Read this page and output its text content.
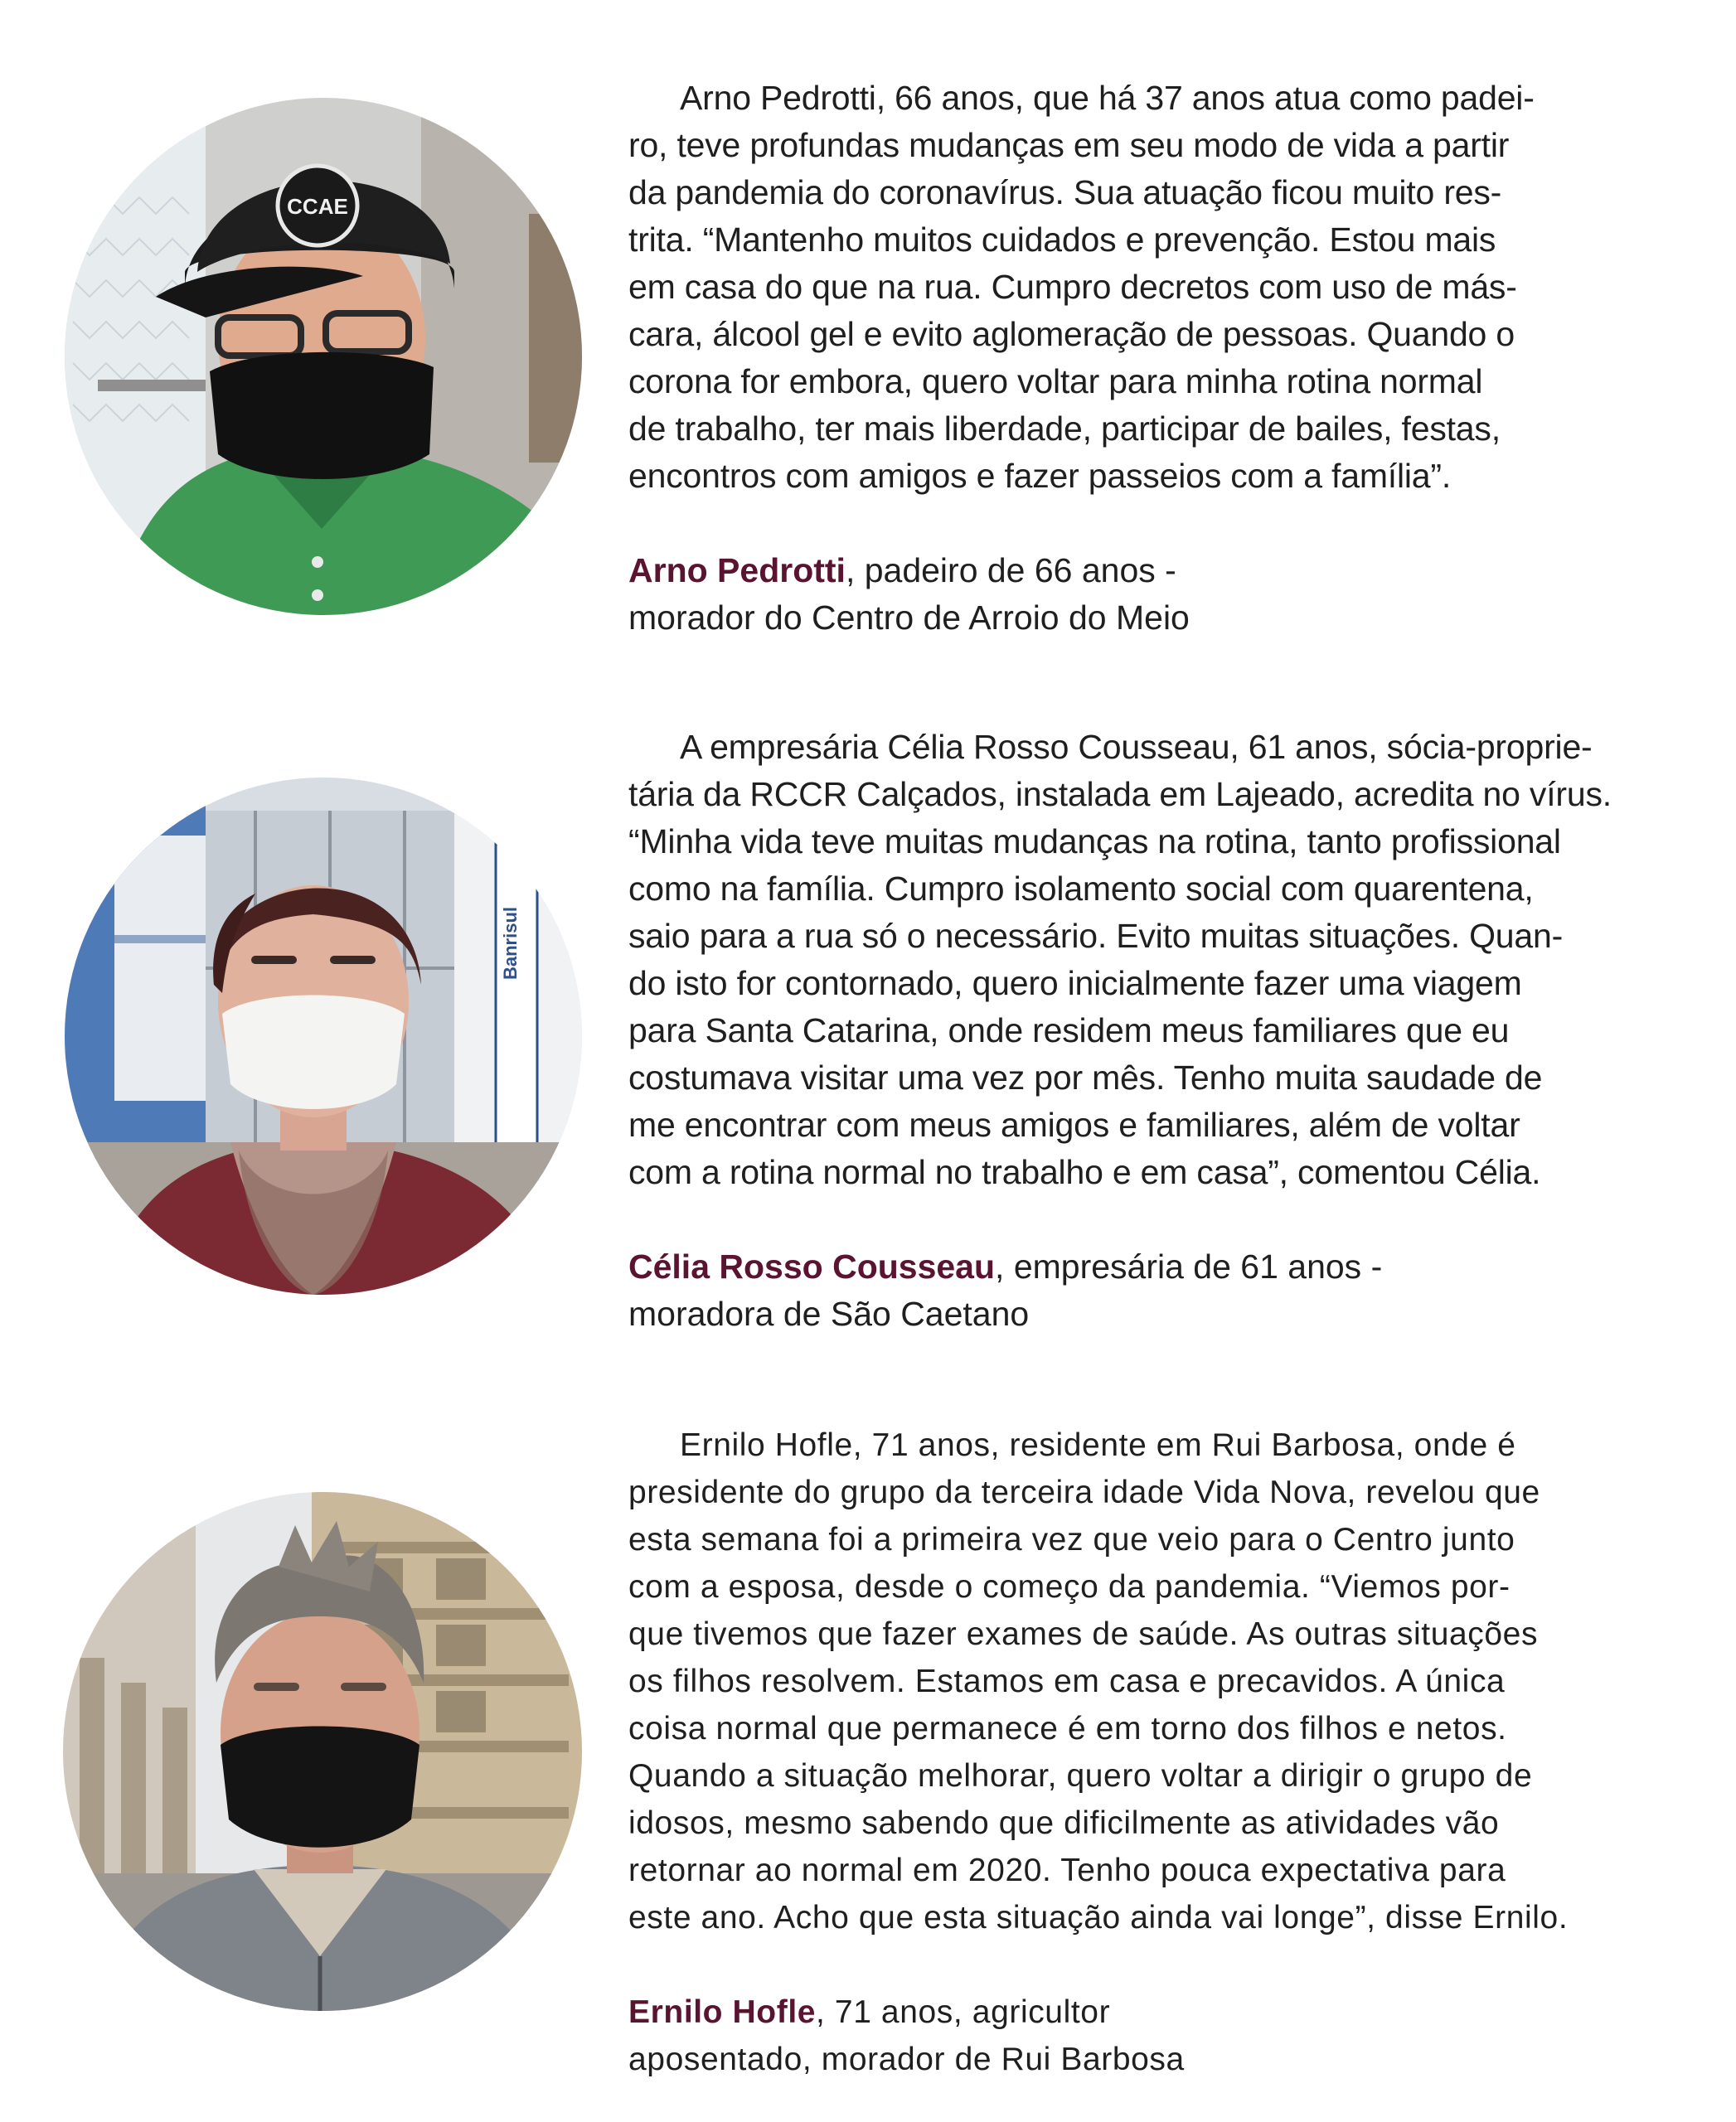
CCAE
Arno Pedrotti, 66 anos, que há 37 anos atua como padei-
ro, teve profundas mudanças em seu modo de vida a partir
da pandemia do coronavírus. Sua atuação ficou muito res-
trita. “Mantenho muitos cuidados e prevenção. Estou mais
em casa do que na rua. Cumpro decretos com uso de más-
cara, álcool gel e evito aglomeração de pessoas. Quando o
corona for embora, quero voltar para minha rotina normal
de trabalho, ter mais liberdade, participar de bailes, festas,
encontros com amigos e fazer passeios com a família”.
Arno Pedrotti, padeiro de 66 anos -
morador do Centro de Arroio do Meio
Banrisul
A empresária Célia Rosso Cousseau, 61 anos, sócia-proprie-
tária da RCCR Calçados, instalada em Lajeado, acredita no vírus.
“Minha vida teve muitas mudanças na rotina, tanto profissional
como na família. Cumpro isolamento social com quarentena,
saio para a rua só o necessário. Evito muitas situações. Quan-
do isto for contornado, quero inicialmente fazer uma viagem
para Santa Catarina, onde residem meus familiares que eu
costumava visitar uma vez por mês. Tenho muita saudade de
me encontrar com meus amigos e familiares, além de voltar
com a rotina normal no trabalho e em casa”, comentou Célia.
Célia Rosso Cousseau, empresária de 61 anos -
moradora de São Caetano
Ernilo Hofle, 71 anos, residente em Rui Barbosa, onde é
presidente do grupo da terceira idade Vida Nova, revelou que
esta semana foi a primeira vez que veio para o Centro junto
com a esposa, desde o começo da pandemia. “Viemos por-
que tivemos que fazer exames de saúde. As outras situações
os filhos resolvem. Estamos em casa e precavidos. A única
coisa normal que permanece é em torno dos filhos e netos.
Quando a situação melhorar, quero voltar a dirigir o grupo de
idosos, mesmo sabendo que dificilmente as atividades vão
retornar ao normal em 2020. Tenho pouca expectativa para
este ano. Acho que esta situação ainda vai longe”, disse Ernilo.
Ernilo Hofle, 71 anos, agricultor
aposentado, morador de Rui Barbosa
